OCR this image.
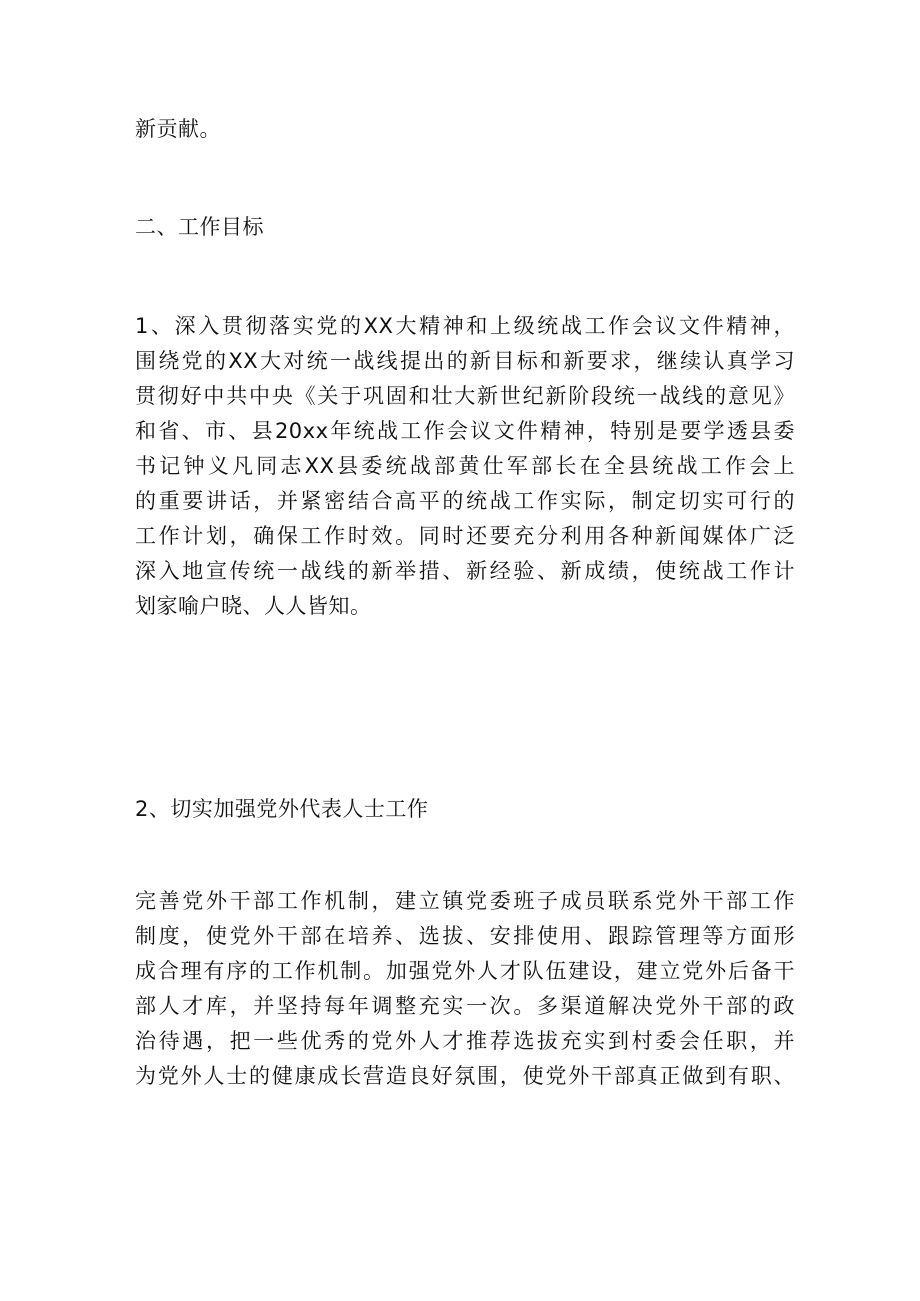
新贡献。
二、工作目标
1、深入贯彻落实党的XX大精神和上级统战工作会议文件精神，
围绕党的XX大对统一战线提出的新目标和新要求，继续认真学习
贯彻好中共中央《关于巩固和壮大新世纪新阶段统一战线的意见》
和省、市、县20xx年统战工作会议文件精神，特别是要学透县委
书记钟义凡同志XX县委统战部黄仕军部长在全县统战工作会上
的重要讲话，并紧密结合高平的统战工作实际，制定切实可行的
工作计划，确保工作时效。同时还要充分利用各种新闻媒体广泛
深入地宣传统一战线的新举措、新经验、新成绩，使统战工作计
划家喻户晓、人人皆知。
2、切实加强党外代表人士工作
完善党外干部工作机制，建立镇党委班子成员联系党外干部工作
制度，使党外干部在培养、选拔、安排使用、跟踪管理等方面形
成合理有序的工作机制。加强党外人才队伍建设，建立党外后备干
部人才库，并坚持每年调整充实一次。多渠道解决党外干部的政
治待遇，把一些优秀的党外人才推荐选拔充实到村委会任职，并
为党外人士的健康成长营造良好氛围，使党外干部真正做到有职、
